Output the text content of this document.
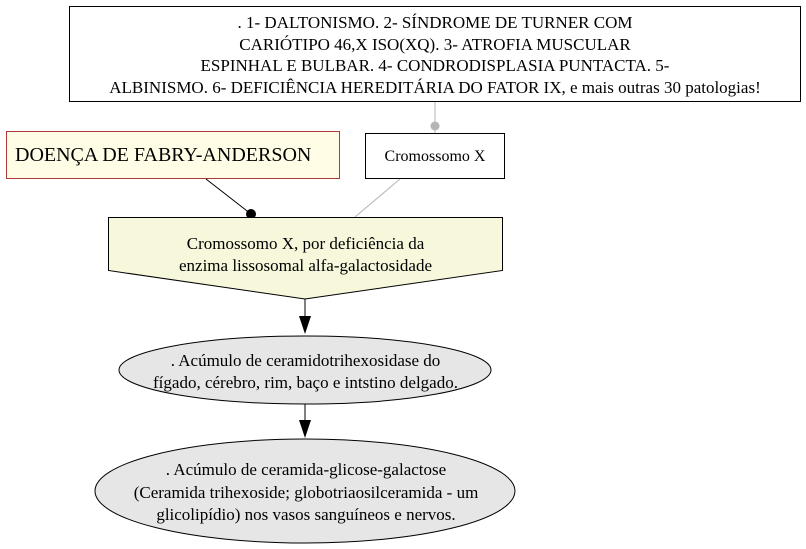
. 1- DALTONISMO. 2- SÍNDROME DE TURNER COM
CARIÓTIPO 46,X ISO(XQ). 3- ATROFIA MUSCULAR
ESPINHAL E BULBAR. 4- CONDRODISPLASIA PUNTACTA. 5-
ALBINISMO. 6- DEFICIÊNCIA HEREDITÁRIA DO FATOR IX, e mais outras 30 patologias!
DOENÇA DE FABRY-ANDERSON	Cromossomo X
Cromossomo X, por deficiência da
enzima lissosomal alfa-galactosidade
. Acúmulo de ceramidotrihexosidase do
fígado, cérebro, rim, baço e intstino delgado.
. Acúmulo de ceramida-glicose-galactose
(Ceramida trihexoside; globotriaosilceramida - um
glicolipídio) nos vasos sanguíneos e nervos.
